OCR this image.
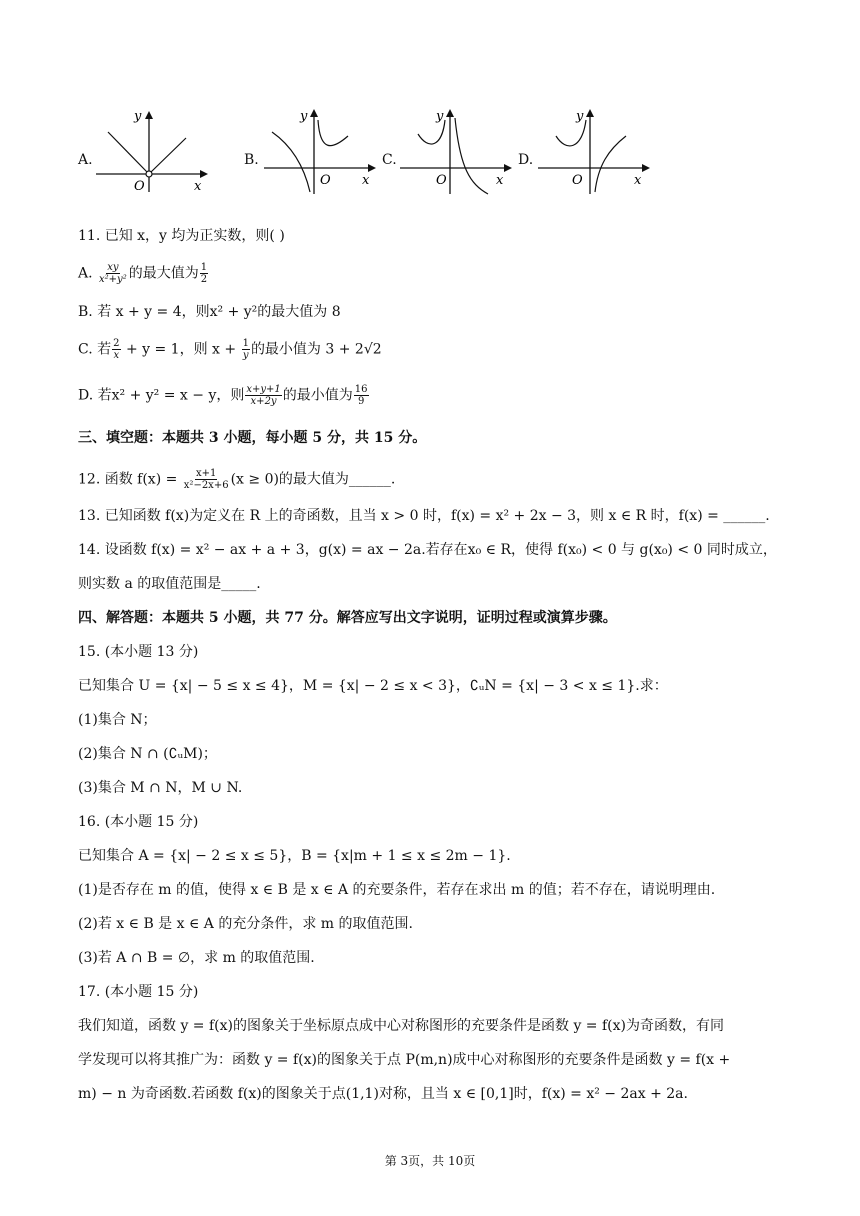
A.
y
x
O
B.
y
x
O
C.
y
x
O
D.
y
x
O
11. 已知 x，y 均为正实数，则( )
A. $\frac{xy}{\text{x²+y²}}$ 的最大值为 $\frac{1}{2}$
B. 若 x + y = 4，则x² + y²的最大值为 8
C. 若 $\frac{2}{x} + y = 1$，则 $x + \frac{1}{y}$ 的最小值为 3 + 2√2
D. 若x² + y² = x − y，则 $\frac{x+y+1}{x+2y}$ 的最小值为 $\frac{16}{9}$
三、填空题：本题共 3 小题，每小题 5 分，共 15 分。
12. 函数 $f(x) = \frac{x+1}{\text{x²−2x+6}} (x \ge 0)$的最大值为______.
13. 已知函数 f(x)为定义在 R 上的奇函数，且当 x > 0 时，f(x) = x² + 2x − 3，则 x ∈ R 时，f(x) = ______.
14. 设函数 f(x) = x² − ax + a + 3，g(x) = ax − 2a.若存在x₀ ∈ R，使得 f(x₀) < 0 与 g(x₀) < 0 同时成立，
则实数 a 的取值范围是_____.
四、解答题：本题共 5 小题，共 77 分。解答应写出文字说明，证明过程或演算步骤。
15. (本小题 13 分)
已知集合 U = {x| − 5 ≤ x ≤ 4}，M = {x| − 2 ≤ x < 3}，∁ᵤN = {x| − 3 < x ≤ 1}.求：
(1)集合 N；
(2)集合 N ∩ (∁ᵤM)；
(3)集合 M ∩ N，M ∪ N.
16. (本小题 15 分)
已知集合 A = {x| − 2 ≤ x ≤ 5}，B = {x|m + 1 ≤ x ≤ 2m − 1}.
(1)是否存在 m 的值，使得 x ∈ B 是 x ∈ A 的充要条件，若存在求出 m 的值；若不存在，请说明理由.
(2)若 x ∈ B 是 x ∈ A 的充分条件，求 m 的取值范围.
(3)若 A ∩ B = ∅，求 m 的取值范围.
17. (本小题 15 分)
我们知道，函数 y = f(x)的图象关于坐标原点成中心对称图形的充要条件是函数 y = f(x)为奇函数，有同
学发现可以将其推广为：函数 y = f(x)的图象关于点 P(m,n)成中心对称图形的充要条件是函数 y = f(x +
m) − n 为奇函数.若函数 f(x)的图象关于点(1,1)对称，且当 x ∈ [0,1]时，f(x) = x² − 2ax + 2a.
第 3页，共 10页
